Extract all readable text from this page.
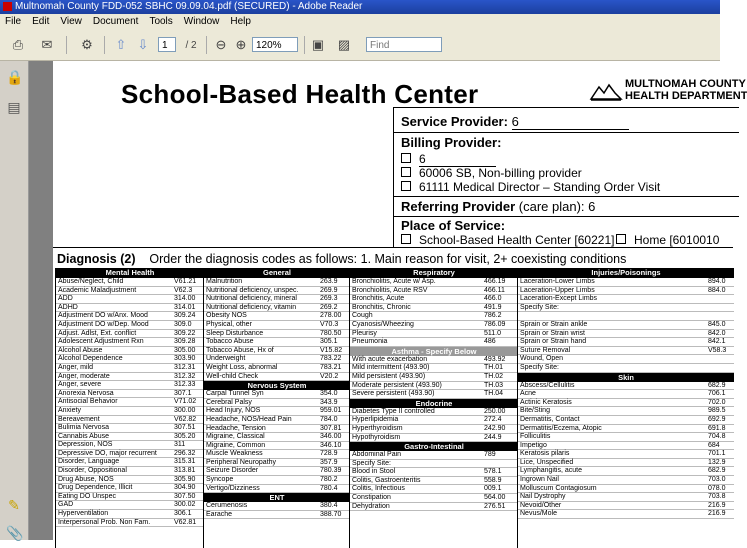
Multnomah County FDD-052 SBHC 09.09.04.pdf (SECURED) - Adobe Reader
File Edit View Document Tools Window Help
⎙	✉	⚙	⇧ ⇩	1	/ 2	⊖ ⊕ 120%	▣ ▨	Find
🔒
▤
✎
📎
School-Based Health Center	MULTNOMAH COUNTY
HEALTH DEPARTMENT
Service Provider: 6
Billing Provider:
6
60006 SB, Non-billing provider
61111 Medical Director – Standing Order Visit
Referring Provider (care plan): 6
Place of Service:
School-Based Health Center [60221]	Home [6010010
Diagnosis (2) Order the diagnosis codes as follows: 1. Main reason for visit, 2+ coexisting conditions
Mental Health
Abuse/Neglect, Child	V61.21
Academic Maladjustment	V62.3
ADD	314.00
ADHD	314.01
Adjustment DO w/Anx. Mood	309.24
Adjustment DO w/Dep. Mood	309.0
Adjust. Adlst, Ext. conflict	309.22
Adolescent Adjustment Rxn	309.28
Alcohol Abuse	305.00
Alcohol Dependence	303.90
Anger, mild	312.31
Anger, moderate	312.32
Anger, severe	312.33
Anorexia Nervosa	307.1
Antisocial Behavior	V71.02
Anxiety	300.00
Bereavement	V62.82
Bulimia Nervosa	307.51
Cannabis Abuse	305.20
Depression, NOS	311
Depressive DO, major recurrent 296.32
Disorder, Language	315.31
Disorder, Oppositional	313.81
Drug Abuse, NOS	305.90
Drug Dependence, Illicit	304.90
Eating DO Unspec	307.50
GAD	300.02
Hyperventilation	306.1
Interpersonal Prob. Non Fam.	V62.81
General
Malnutrition	263.9
Nutritional deficiency, unspec.	269.9
Nutritional deficiency, mineral	269.3
Nutritional deficiency, vitamin	269.2
Obesity NOS	278.00
Physical, other	V70.3
Sleep Disturbance	780.50
Tobacco Abuse	305.1
Tobacco Abuse, Hx of	V15.82
Underweight	783.22
Weight Loss, abnormal	783.21
Well-child Check	V20.2
Nervous System
Carpal Tunnel Syn	354.0
Cerebral Palsy	343.9
Head Injury, NOS	959.01
Headache, NOS/Head Pain	784.0
Headache, Tension	307.81
Migraine, Classical	346.00
Migraine, Common	346.10
Muscle Weakness	728.9
Peripheral Neuropathy	357.9
Seizure Disorder	780.39
Syncope	780.2
Vertigo/Dizziness	780.4
ENT
Cerumenosis	380.4
Earache	388.70
Respiratory
Bronchiolitis, Acute w/ Asp.	466.19
Bronchiolitis, Acute RSV	466.11
Bronchitis, Acute	466.0
Bronchitis, Chronic	491.9
Cough	786.2
Cyanosis/Wheezing	786.09
Pleurisy	511.0
Pneumonia	486
Asthma - Specify Below
With acute exacerbation	493.92
Mild intermittent (493.90)	TH.01
Mild persistent (493.90)	TH.02
Moderate persistent (493.90)	TH.03
Severe persistent (493.90)	TH.04
Endocrine
Diabetes Type II controlled	250.00
Hyperlipidemia	272.4
Hyperthyroidism	242.90
Hypothyroidism	244.9
Gastro-Intestinal
Abdominal Pain	789
Specify Site:
Blood in Stool	578.1
Colitis, Gastroenteritis	558.9
Colitis, Infectious	009.1
Constipation	564.00
Dehydration	276.51
Injuries/Poisonings
Laceration-Lower Limbs	894.0
Laceration-Upper Limbs	884.0
Laceration-Except Limbs
Specify Site:
Sprain or Strain ankle	845.0
Sprain or Strain wrist	842.0
Sprain or Strain hand	842.1
Suture Removal	V58.3
Wound, Open
Specify Site:
Skin
Abscess/Cellulitis	682.9
Acne	706.1
Actinic Keratosis	702.0
Bite/Sting	989.5
Dermatitis, Contact	692.9
Dermatitis/Eczema, Atopic	691.8
Folliculitis	704.8
Impetigo	684
Keratosis pilaris	701.1
Lice, Unspecified	132.9
Lymphangitis, acute	682.9
Ingrown Nail	703.0
Molluscum Contagiosum	078.0
Nail Dystrophy	703.8
Nevoid/Other	216.9
Nevus/Mole	216.9
